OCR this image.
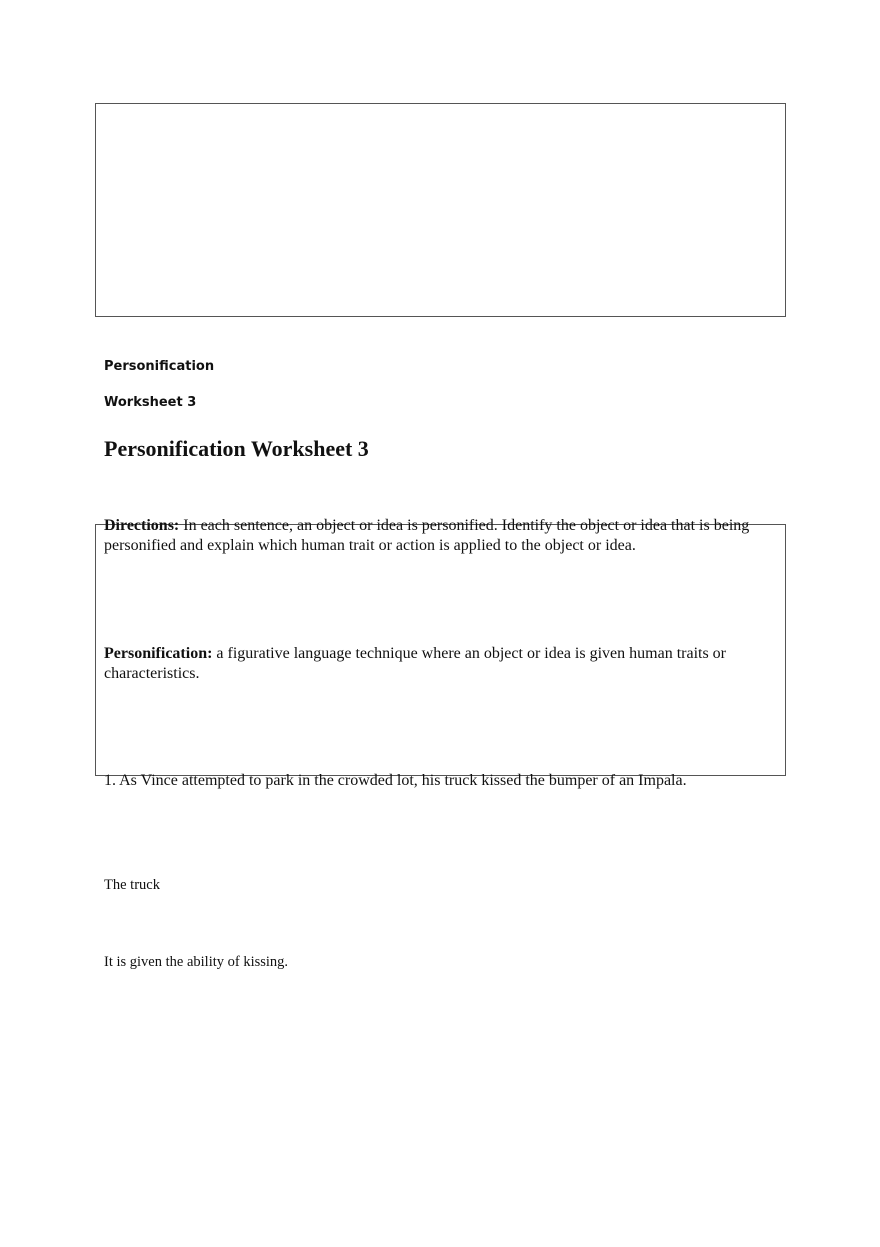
Personification
Worksheet 3
Personification Worksheet 3

Directions: In each sentence, an object or idea is personified. Identify the object or idea that is being personified and explain which human trait or action is applied to the object or idea.

Personification: a figurative language technique where an object or idea is given human traits or characteristics.

1. As Vince attempted to park in the crowded lot, his truck kissed the bumper of an Impala.

The truck

It is given the ability of kissing.
